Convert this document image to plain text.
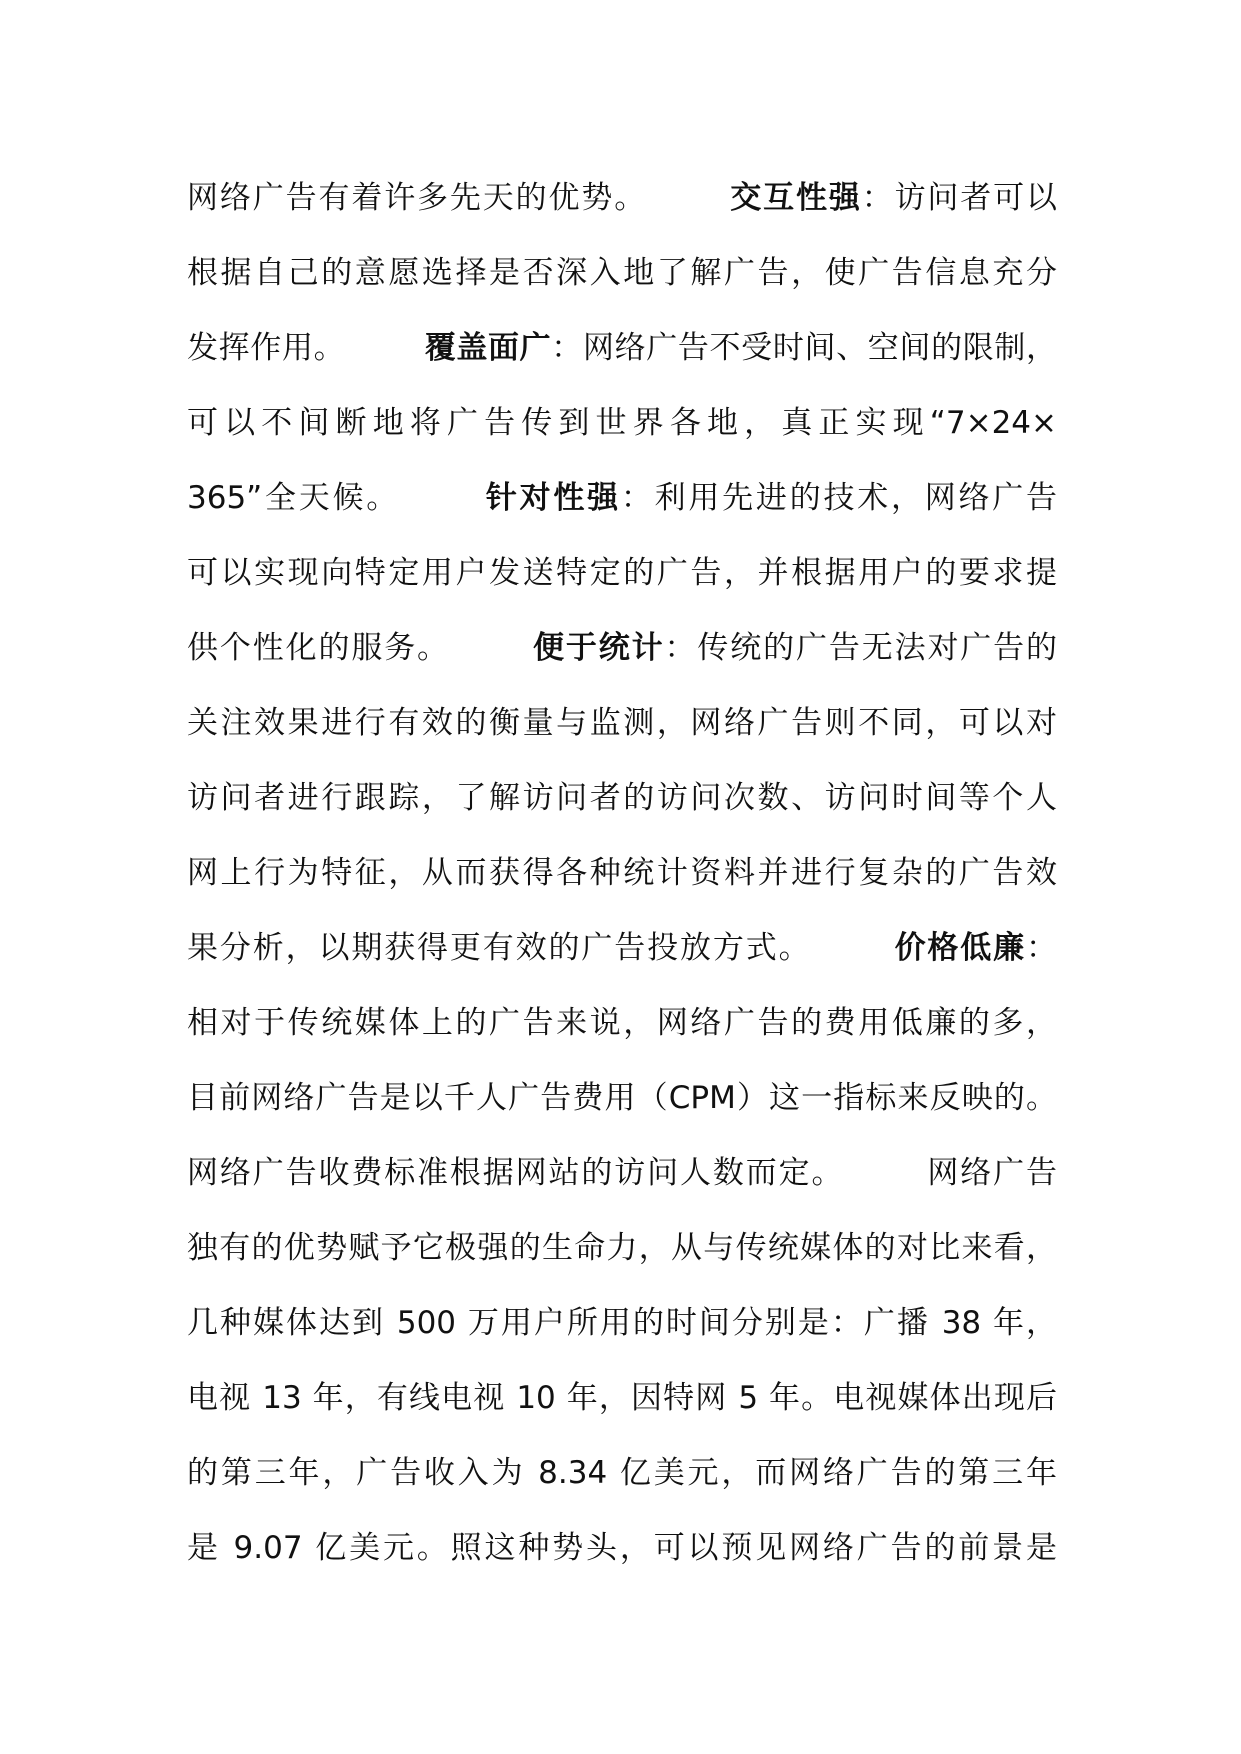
网络广告有着许多先天的优势。　　　	交互性强：访问者可以
根据自己的意愿选择是否深入地了解广告，使广告信息充分
发挥作用。　　　	覆盖面广：网络广告不受时间、空间的限制，
可以不间断地将广告传到世界各地，真正实现“7×24×
365”全天候。　　　	针对性强：利用先进的技术，网络广告
可以实现向特定用户发送特定的广告，并根据用户的要求提
供个性化的服务。　　　	便于统计：传统的广告无法对广告的
关注效果进行有效的衡量与监测，网络广告则不同，可以对
访问者进行跟踪，了解访问者的访问次数、访问时间等个人
网上行为特征，从而获得各种统计资料并进行复杂的广告效
果分析，以期获得更有效的广告投放方式。　　　	价格低廉：
相对于传统媒体上的广告来说，网络广告的费用低廉的多，
目前网络广告是以千人广告费用（CPM）这一指标来反映的。
网络广告收费标准根据网站的访问人数而定。　　　	网络广告
独有的优势赋予它极强的生命力，从与传统媒体的对比来看，
几种媒体达到 500 万用户所用的时间分别是：广播 38 年，
电视 13 年，有线电视 10 年，因特网 5 年。电视媒体出现后
的第三年，广告收入为 8.34 亿美元，而网络广告的第三年
是 9.07 亿美元。照这种势头，可以预见网络广告的前景是
